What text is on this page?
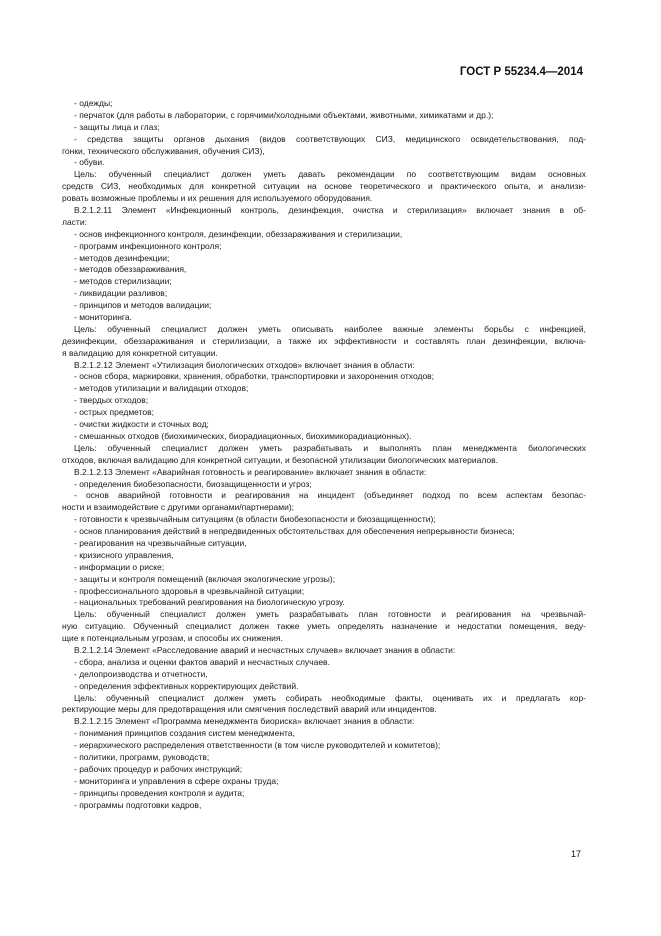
ГОСТ Р 55234.4—2014
- одежды;
- перчаток (для работы в лаборатории, с горячими/холодными объектами, животными, химикатами и др.);
- защиты лица и глаз;
- средства защиты органов дыхания (видов соответствующих СИЗ, медицинского освидетельствования, под-
гонки, технического обслуживания, обучения СИЗ),
- обуви.
Цель: обученный специалист должен уметь давать рекомендации по соответствующим видам основных
средств СИЗ, необходимых для конкретной ситуации на основе теоретического и практического опыта, и анализи-
ровать возможные проблемы и их решения для используемого оборудования.
В.2.1.2.11 Элемент «Инфекционный контроль, дезинфекция, очистка и стерилизация» включает знания в об-
ласти:
- основ инфекционного контроля, дезинфекции, обеззараживания и стерилизации,
- программ инфекционного контроля;
- методов дезинфекции;
- методов обеззараживания,
- методов стерилизации;
- ликвидации разливов;
- принципов и методов валидации;
- мониторинга.
Цель: обученный специалист должен уметь описывать наиболее важные элементы борьбы с инфекцией,
дезинфекции, обеззараживания и стерилизации, а также их эффективности и составлять план дезинфекции, включа-
я валидацию для конкретной ситуации.
В.2.1.2.12 Элемент «Утилизация биологических отходов» включает знания в области:
- основ сбора, маркировки, хранения, обработки, транспортировки и захоронения отходов;
- методов утилизации и валидации отходов;
- твердых отходов;
- острых предметов;
- очистки жидкости и сточных вод;
- смешанных отходов (биохимических, биорадиационных, биохимикорадиационных).
Цель: обученный специалист должен уметь разрабатывать и выполнять план менеджмента биологических
отходов, включая валидацию для конкретной ситуации, и безопасной утилизации биологических материалов.
В.2.1.2.13 Элемент «Аварийная готовность и реагирование» включает знания в области:
- определения биобезопасности, биозащищенности и угроз;
- основ аварийной готовности и реагирования на инцидент (объединяет подход по всем аспектам безопас-
ности и взаимодействие с другими органами/партнерами);
- готовности к чрезвычайным ситуациям (в области биобезопасности и биозащищенности);
- основ планирования действий в непредвиденных обстоятельствах для обеспечения непрерывности бизнеса;
- реагирования на чрезвычайные ситуации,
- кризисного управления,
- информации о риске;
- защиты и контроля помещений (включая экологические угрозы);
- профессионального здоровья в чрезвычайной ситуации;
- национальных требований реагирования на биологическую угрозу.
Цель: обученный специалист должен уметь разрабатывать план готовности и реагирования на чрезвычай-
ную ситуацию. Обученный специалист должен также уметь определять назначение и недостатки помещения, веду-
щие к потенциальным угрозам, и способы их снижения.
В.2.1.2.14 Элемент «Расследование аварий и несчастных случаев» включает знания в области:
- сбора, анализа и оценки фактов аварий и несчастных случаев.
- делопроизводства и отчетности,
- определения эффективных корректирующих действий.
Цель: обученный специалист должен уметь собирать необходимые факты, оценивать их и предлагать кор-
ректирующие меры для предотвращения или смягчения последствий аварий или инцидентов.
В.2.1.2.15 Элемент «Программа менеджмента биориска» включает знания в области:
- понимания принципов создания систем менеджмента,
- иерархического распределения ответственности (в том числе руководителей и комитетов);
- политики, программ, руководств;
- рабочих процедур и рабочих инструкций;
- мониторинга и управления в сфере охраны труда;
- принципы проведения контроля и аудита;
- программы подготовки кадров,
17
